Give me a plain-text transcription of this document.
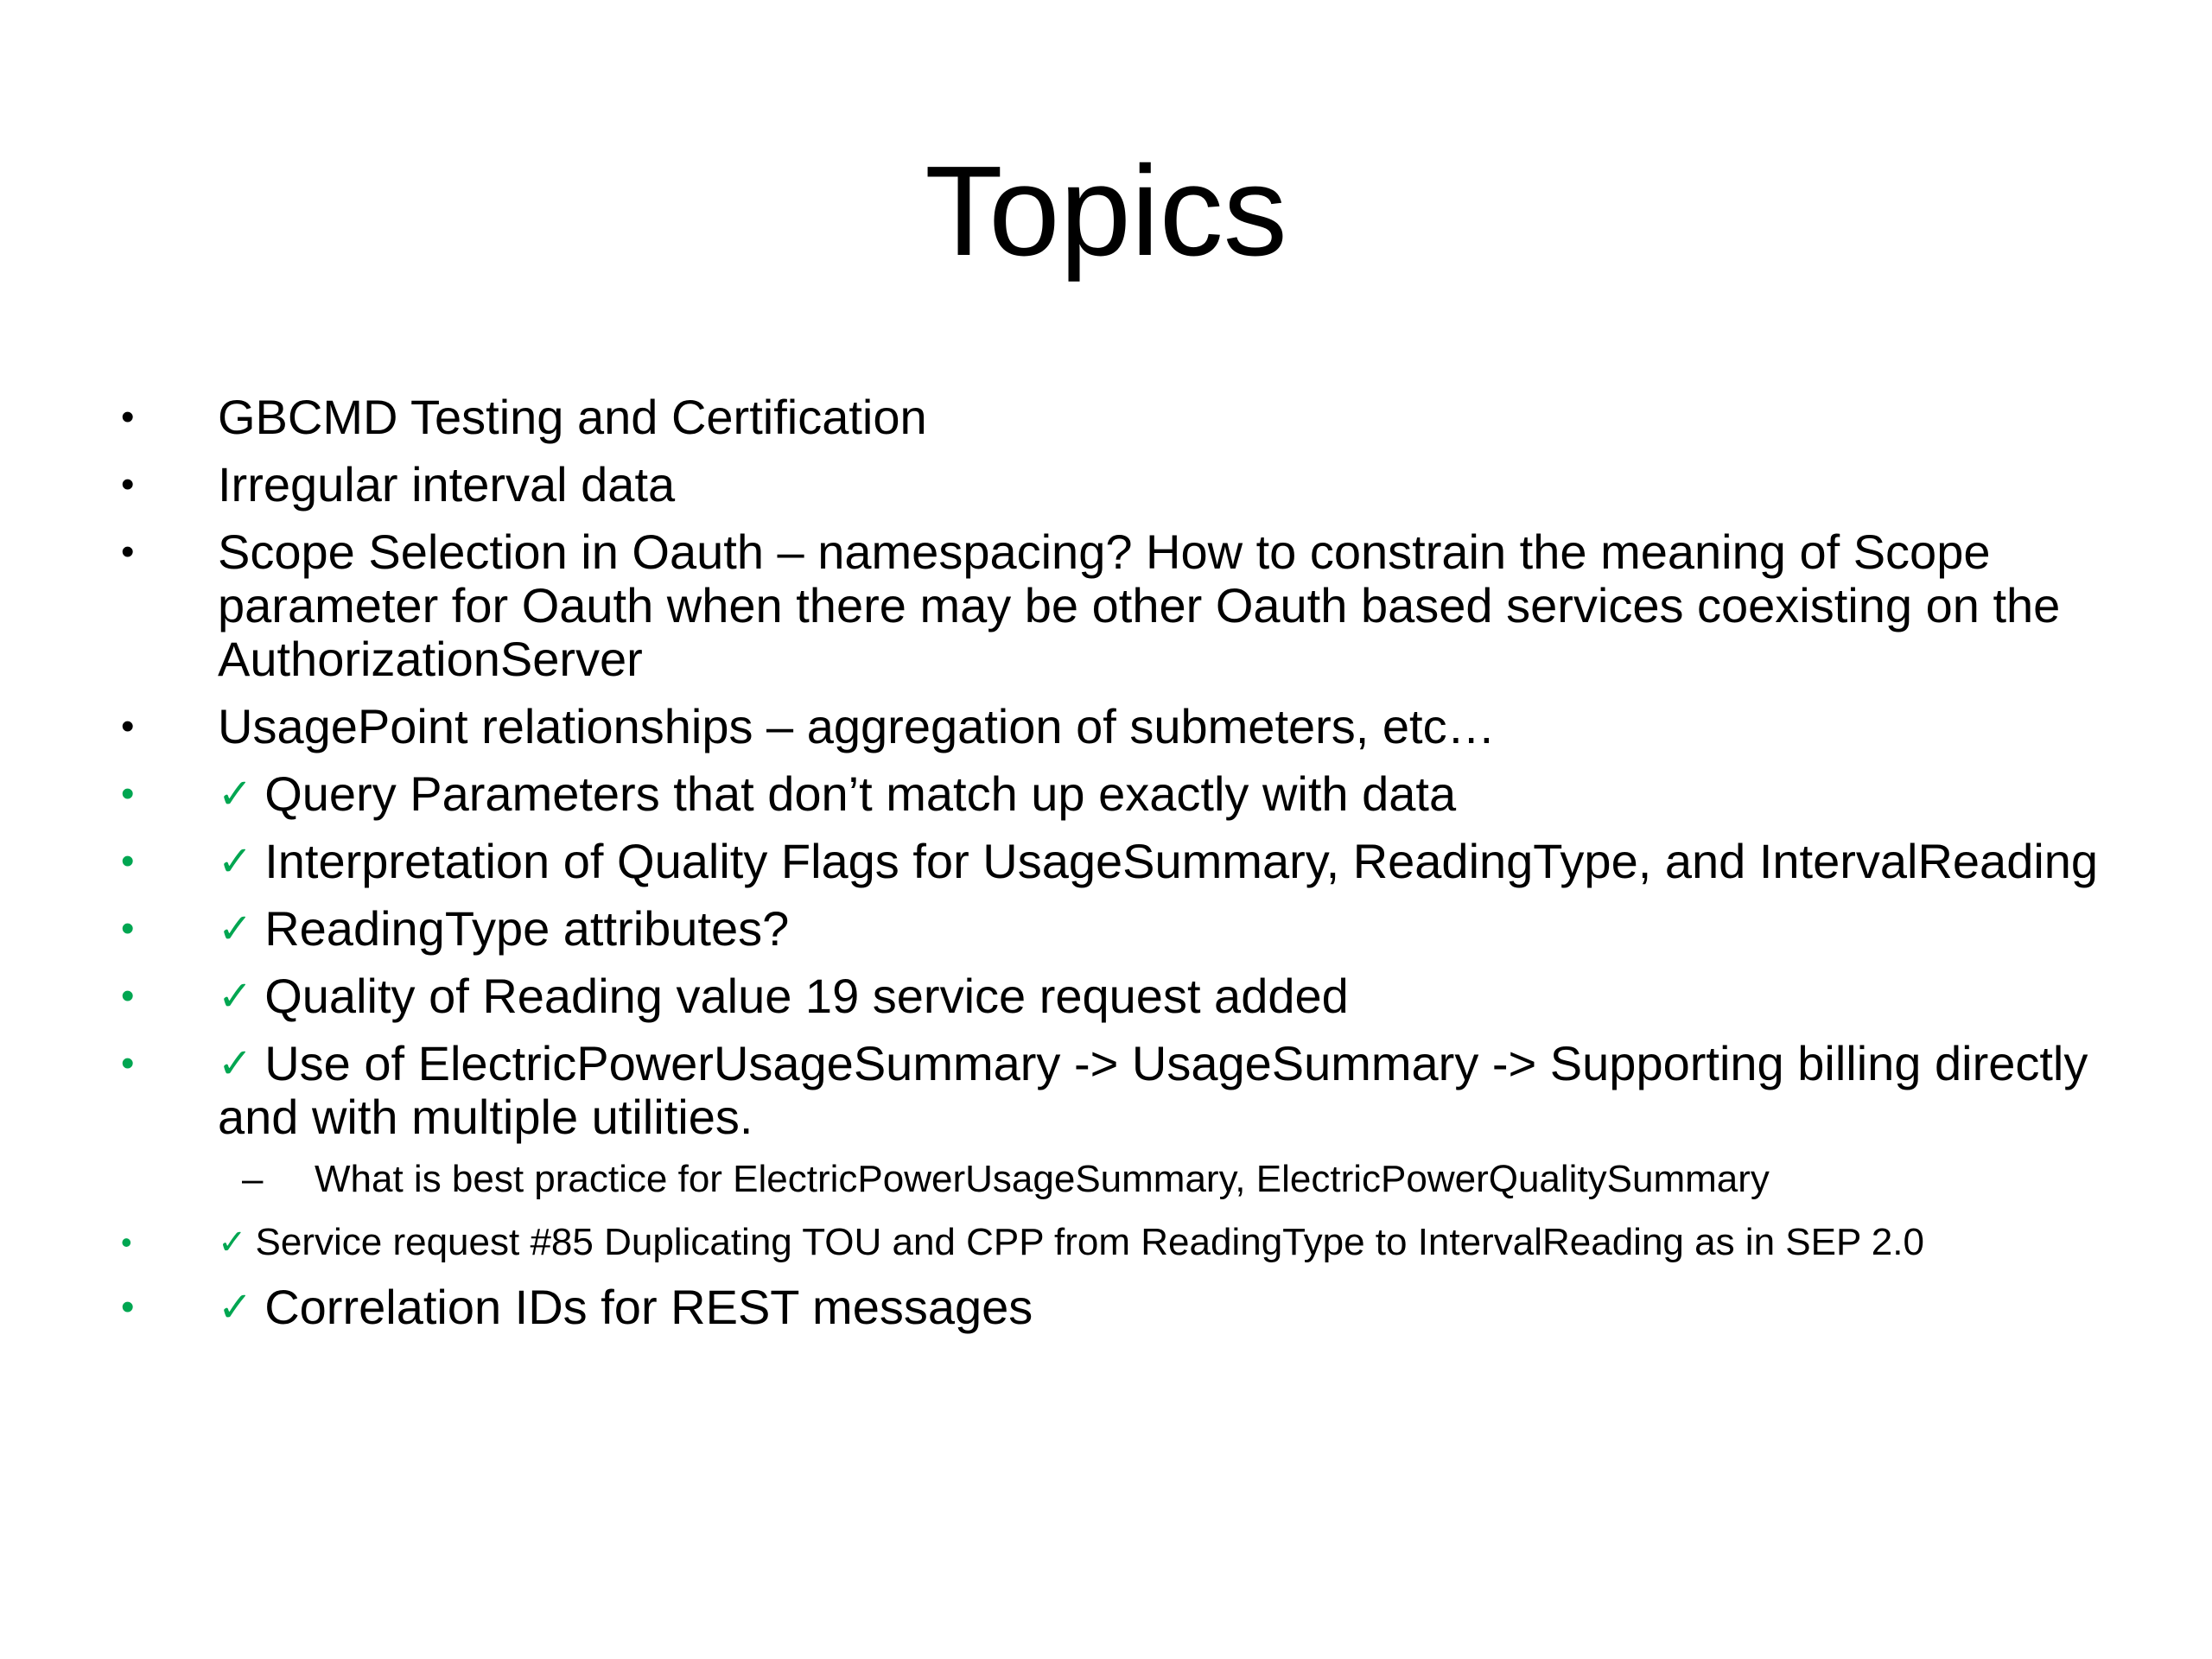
Topics
•	GBCMD Testing and Certification
•	Irregular interval data
•	Scope Selection in Oauth – namespacing? How to constrain the meaning of Scope parameter for Oauth when there may be other Oauth based services coexisting on the AuthorizationServer
•	UsagePoint relationships – aggregation of submeters, etc…
•	✓ Query Parameters that don’t match up exactly with data
•	✓ Interpretation of Quality Flags for UsageSummary, ReadingType, and IntervalReading
•	✓ ReadingType attributes?
•	✓ Quality of Reading value 19 service request added
•	✓ Use of ElectricPowerUsageSummary -> UsageSummary -> Supporting billing directly and with multiple utilities.
– What is best practice for ElectricPowerUsageSummary, ElectricPowerQualitySummary
•	✓ Service request #85 Duplicating TOU and CPP from ReadingType to IntervalReading as in SEP 2.0
•	✓ Correlation IDs for REST messages
